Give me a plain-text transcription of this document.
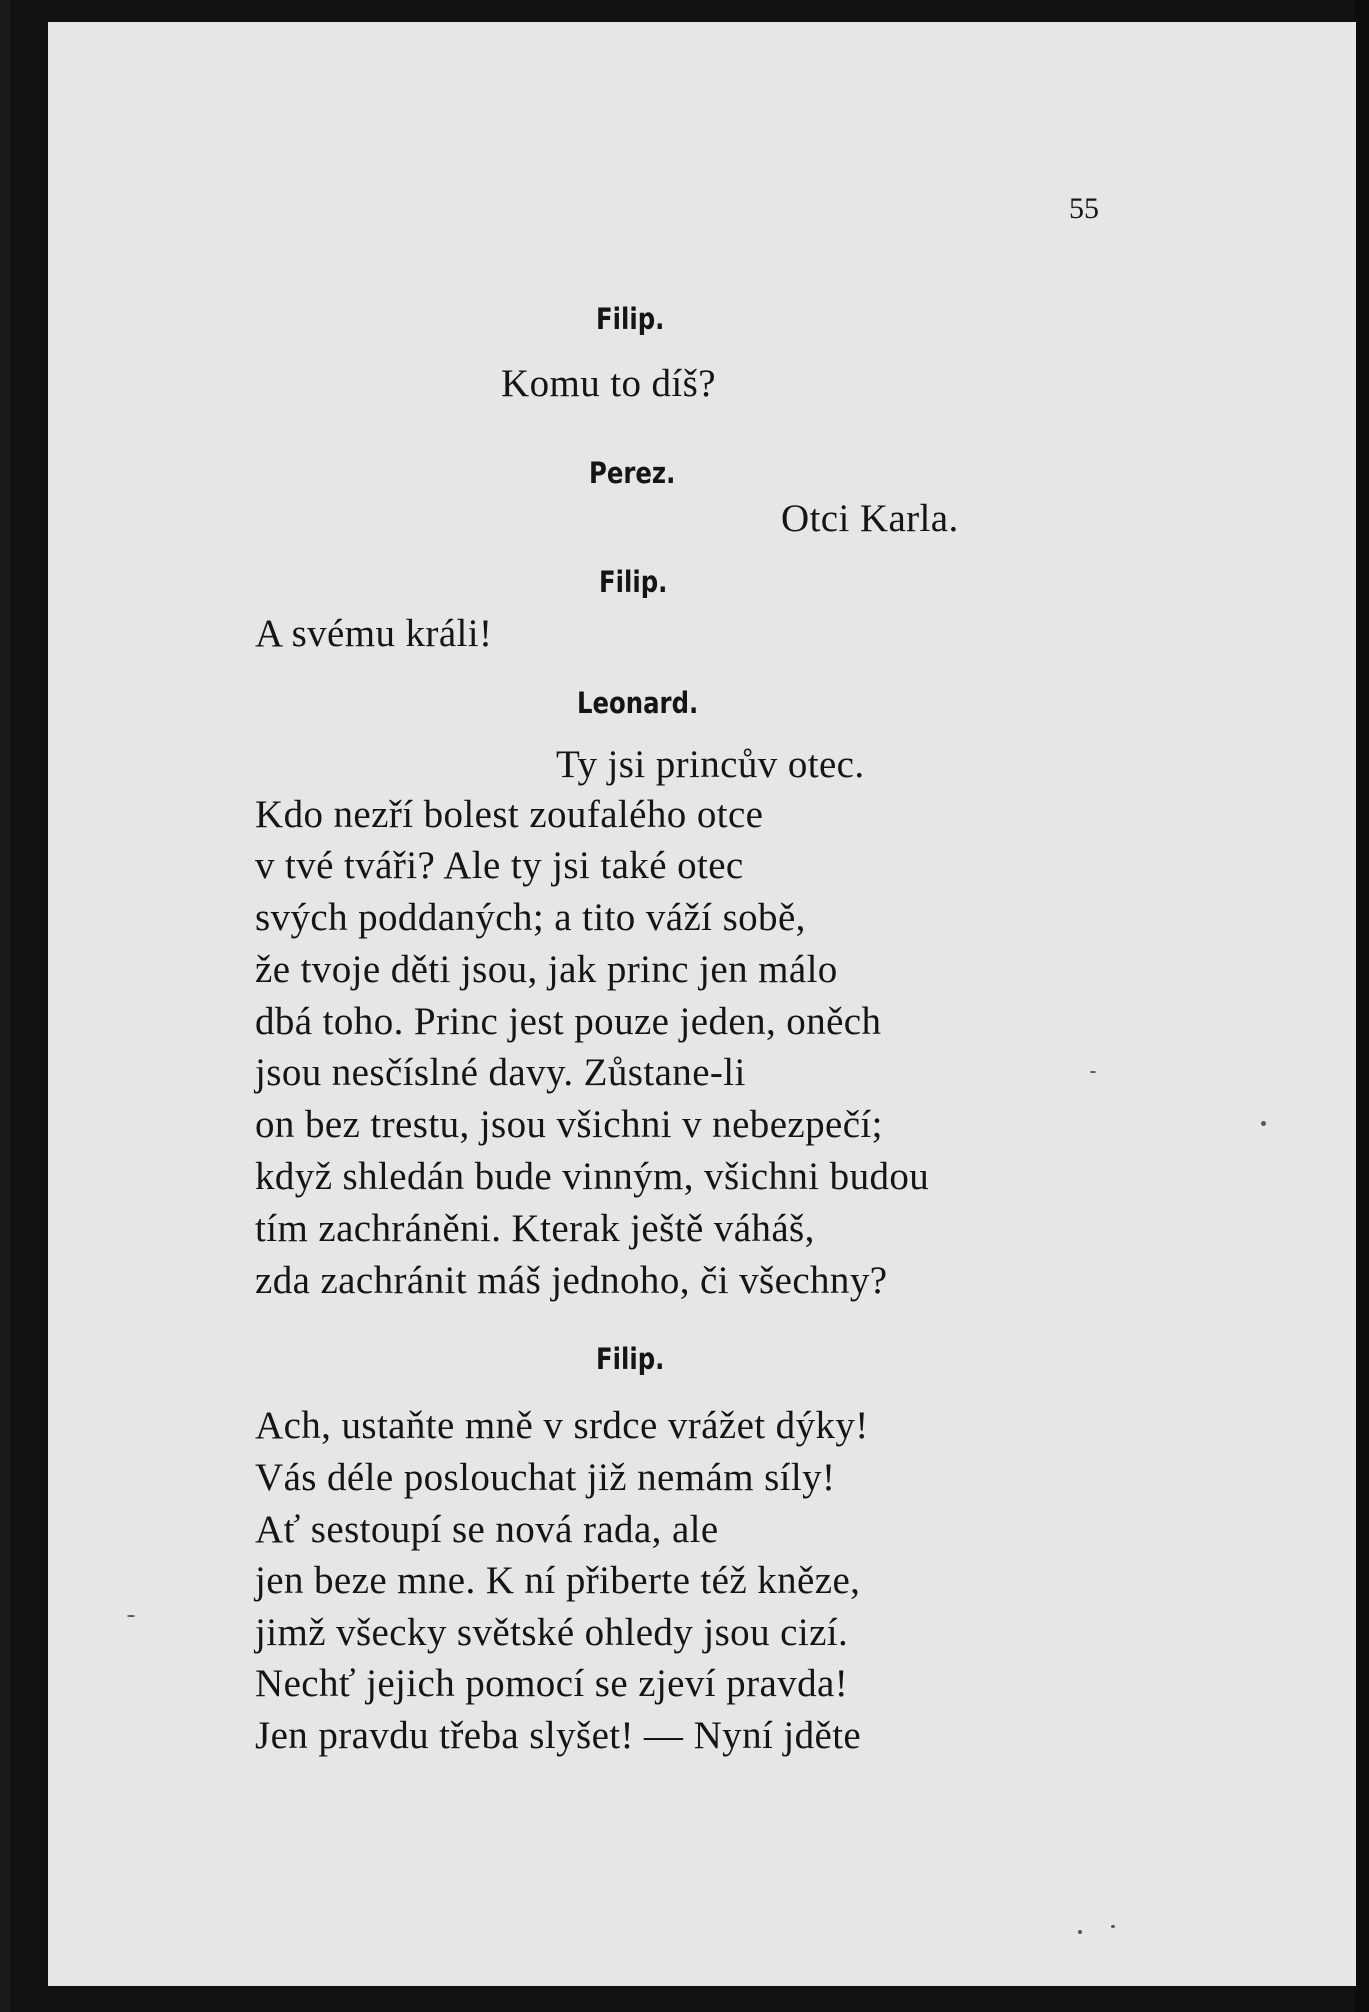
55
Filip.
Komu to díš?
Perez.
Otci Karla.
Filip.
A svému králi!
Leonard.
Ty jsi princův otec.
Kdo nezří bolest zoufalého otce
v tvé tváři? Ale ty jsi také otec
svých poddaných; a tito váží sobě,
že tvoje děti jsou, jak princ jen málo
dbá toho. Princ jest pouze jeden, oněch
jsou nesčíslné davy. Zůstane-li
on bez trestu, jsou všichni v nebezpečí;
když shledán bude vinným, všichni budou
tím zachráněni. Kterak ještě váháš,
zda zachránit máš jednoho, či všechny?
Filip.
Ach, ustaňte mně v srdce vrážet dýky!
Vás déle poslouchat již nemám síly!
Ať sestoupí se nová rada, ale
jen beze mne. K ní přiberte též kněze,
jimž všecky světské ohledy jsou cizí.
Nechť jejich pomocí se zjeví pravda!
Jen pravdu třeba slyšet! — Nyní jděte
